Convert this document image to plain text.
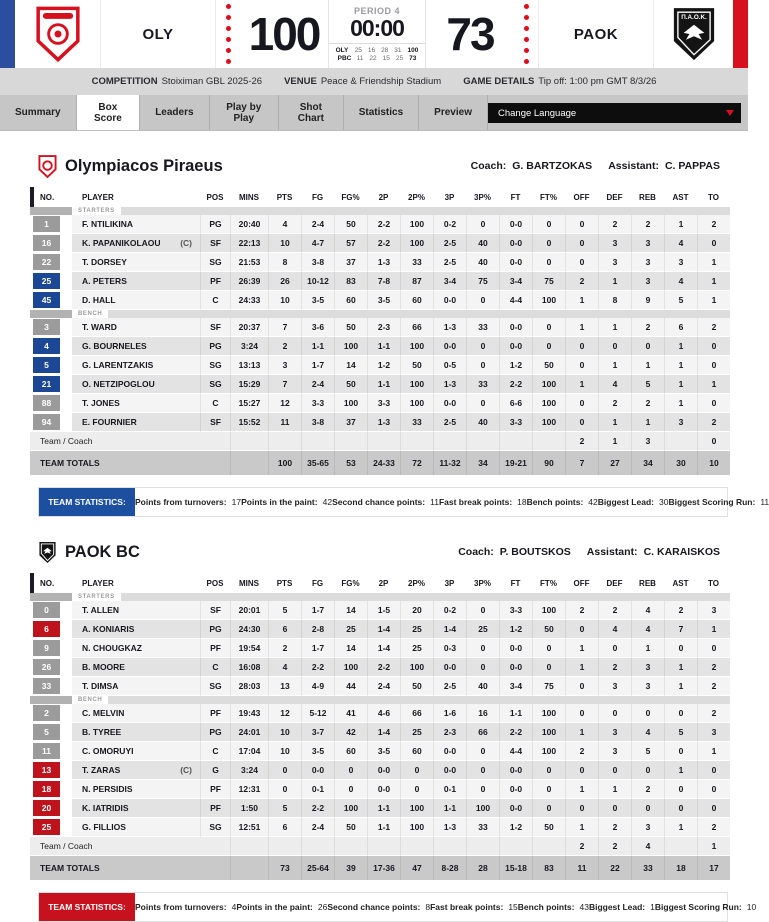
OLY 100	PERIOD 4
00:00
OLY 25 16 28 31 100
PBC 11 22 15 25 73 73	PAOK
Π.Α.Ο.Κ.
COMPETITION Stoiximan GBL 2025-26 VENUE Peace & Friendship Stadium GAME DETAILS Tip off: 1:00 pm GMT 8/3/26
Summary	Box Score	Leaders	Play by Play
Shot Chart	Statistics	Preview	Change Language
Olympiacos Piraeus	Coach: G. BARTZOKAS Assistant: C. PAPPAS
NO.	PLAYER	POS	MINS	PTS	FG	FG%	2P	2P%	3P	3P%	FT	FT%	OFF	DEF	REB	AST	TO

STARTERS																	

1	F. NTILIKINA	PG	20:40	4	2-4	50	2-2	100	0-2	0	0-0	0	0	2	2	1	2
16	K. PAPANIKOLAOU (C)	SF	22:13	10	4-7	57	2-2	100	2-5	40	0-0	0	0	3	3	4	0
22	T. DORSEY	SG	21:53	8	3-8	37	1-3	33	2-5	40	0-0	0	0	3	3	3	1
25	A. PETERS	PF	26:39	26	10-12	83	7-8	87	3-4	75	3-4	75	2	1	3	4	1
45	D. HALL	C	24:33	10	3-5	60	3-5	60	0-0	0	4-4	100	1	8	9	5	1

BENCH																	

3	T. WARD	SF	20:37	7	3-6	50	2-3	66	1-3	33	0-0	0	1	1	2	6	2
4	G. BOURNELES	PG	3:24	2	1-1	100	1-1	100	0-0	0	0-0	0	0	0	0	1	0
5	G. LARENTZAKIS	SG	13:13	3	1-7	14	1-2	50	0-5	0	1-2	50	0	1	1	1	0
21	O. NETZIPOGLOU	SG	15:29	7	2-4	50	1-1	100	1-3	33	2-2	100	1	4	5	1	1
88	T. JONES	C	15:27	12	3-3	100	3-3	100	0-0	0	6-6	100	0	2	2	1	0
94	E. FOURNIER	SF	15:52	11	3-8	37	1-3	33	2-5	40	3-3	100	0	1	1	3	2
Team / Coach													2	1	3		0
TEAM TOTALS				100	35-65	53	24-33	72	11-32	34	19-21	90	7	27	34	30	10
TEAM STATISTICS:	Points from turnovers: 17 Points in the paint: 42 Second chance points: 11 Fast break points: 18 Bench points: 42 Biggest Lead: 30 Biggest Scoring Run: 11
PAOK BC	Coach: P. BOUTSKOS Assistant: C. KARAISKOS
NO.	PLAYER	POS	MINS	PTS	FG	FG%	2P	2P%	3P	3P%	FT	FT%	OFF	DEF	REB	AST	TO

STARTERS																	

0	T. ALLEN	SF	20:01	5	1-7	14	1-5	20	0-2	0	3-3	100	2	2	4	2	3
6	A. KONIARIS	PG	24:30	6	2-8	25	1-4	25	1-4	25	1-2	50	0	4	4	7	1
9	N. CHOUGKAZ	PF	19:54	2	1-7	14	1-4	25	0-3	0	0-0	0	1	0	1	0	0
26	B. MOORE	C	16:08	4	2-2	100	2-2	100	0-0	0	0-0	0	1	2	3	1	2
33	T. DIMSA	SG	28:03	13	4-9	44	2-4	50	2-5	40	3-4	75	0	3	3	1	2

BENCH																	

2	C. MELVIN	PF	19:43	12	5-12	41	4-6	66	1-6	16	1-1	100	0	0	0	0	2
5	B. TYREE	PG	24:01	10	3-7	42	1-4	25	2-3	66	2-2	100	1	3	4	5	3
11	C. OMORUYI	C	17:04	10	3-5	60	3-5	60	0-0	0	4-4	100	2	3	5	0	1
13	T. ZARAS (C)	G	3:24	0	0-0	0	0-0	0	0-0	0	0-0	0	0	0	0	1	0
18	N. PERSIDIS	PF	12:31	0	0-1	0	0-0	0	0-1	0	0-0	0	1	1	2	0	0
20	K. IATRIDIS	PF	1:50	5	2-2	100	1-1	100	1-1	100	0-0	0	0	0	0	0	0
25	G. FILLIOS	SG	12:51	6	2-4	50	1-1	100	1-3	33	1-2	50	1	2	3	1	2
Team / Coach													2	2	4		1
TEAM TOTALS				73	25-64	39	17-36	47	8-28	28	15-18	83	11	22	33	18	17
TEAM STATISTICS:	Points from turnovers: 4 Points in the paint: 26 Second chance points: 8 Fast break points: 15 Bench points: 43 Biggest Lead: 1 Biggest Scoring Run: 10
